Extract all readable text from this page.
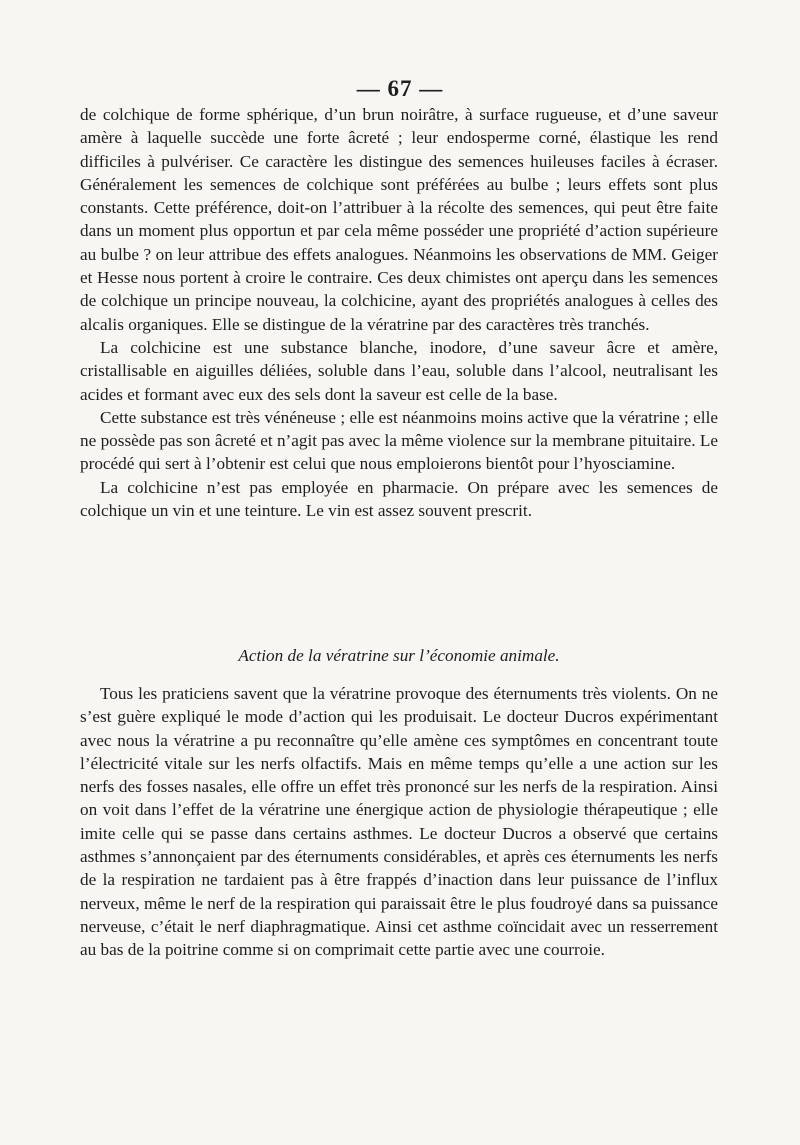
— 67 —

de colchique de forme sphérique, d’un brun noirâtre, à surface rugueuse, et d’une saveur amère à laquelle succède une forte âcreté ; leur endosperme corné, élastique les rend difficiles à pulvériser. Ce caractère les distingue des semences huileuses faciles à écraser. Généralement les semences de colchique sont préférées au bulbe ; leurs effets sont plus constants. Cette préférence, doit-on l’attribuer à la récolte des semences, qui peut être faite dans un moment plus opportun et par cela même posséder une propriété d’action supérieure au bulbe ? on leur attribue des effets analogues. Néanmoins les observations de MM. Geiger et Hesse nous portent à croire le contraire. Ces deux chimistes ont aperçu dans les semences de colchique un principe nouveau, la colchicine, ayant des propriétés analogues à celles des alcalis organiques. Elle se distingue de la vératrine par des caractères très tranchés.

La colchicine est une substance blanche, inodore, d’une saveur âcre et amère, cristallisable en aiguilles déliées, soluble dans l’eau, soluble dans l’alcool, neutralisant les acides et formant avec eux des sels dont la saveur est celle de la base.

Cette substance est très vénéneuse ; elle est néanmoins moins active que la vératrine ; elle ne possède pas son âcreté et n’agit pas avec la même violence sur la membrane pituitaire. Le procédé qui sert à l’obtenir est celui que nous emploierons bientôt pour l’hyosciamine.

La colchicine n’est pas employée en pharmacie. On prépare avec les semences de colchique un vin et une teinture. Le vin est assez souvent prescrit.

Action de la vératrine sur l’économie animale.

Tous les praticiens savent que la vératrine provoque des éternuments très violents. On ne s’est guère expliqué le mode d’action qui les produisait. Le docteur Ducros expérimentant avec nous la vératrine a pu reconnaître qu’elle amène ces symptômes en concentrant toute l’électricité vitale sur les nerfs olfactifs. Mais en même temps qu’elle a une action sur les nerfs des fosses nasales, elle offre un effet très prononcé sur les nerfs de la respiration. Ainsi on voit dans l’effet de la vératrine une énergique action de physiologie thérapeutique ; elle imite celle qui se passe dans certains asthmes. Le docteur Ducros a observé que certains asthmes s’annonçaient par des éternuments considérables, et après ces éternuments les nerfs de la respiration ne tardaient pas à être frappés d’inaction dans leur puissance de l’influx nerveux, même le nerf de la respiration qui paraissait être le plus foudroyé dans sa puissance nerveuse, c’était le nerf diaphragmatique. Ainsi cet asthme coïncidait avec un resserrement au bas de la poitrine comme si on comprimait cette partie avec une courroie.
